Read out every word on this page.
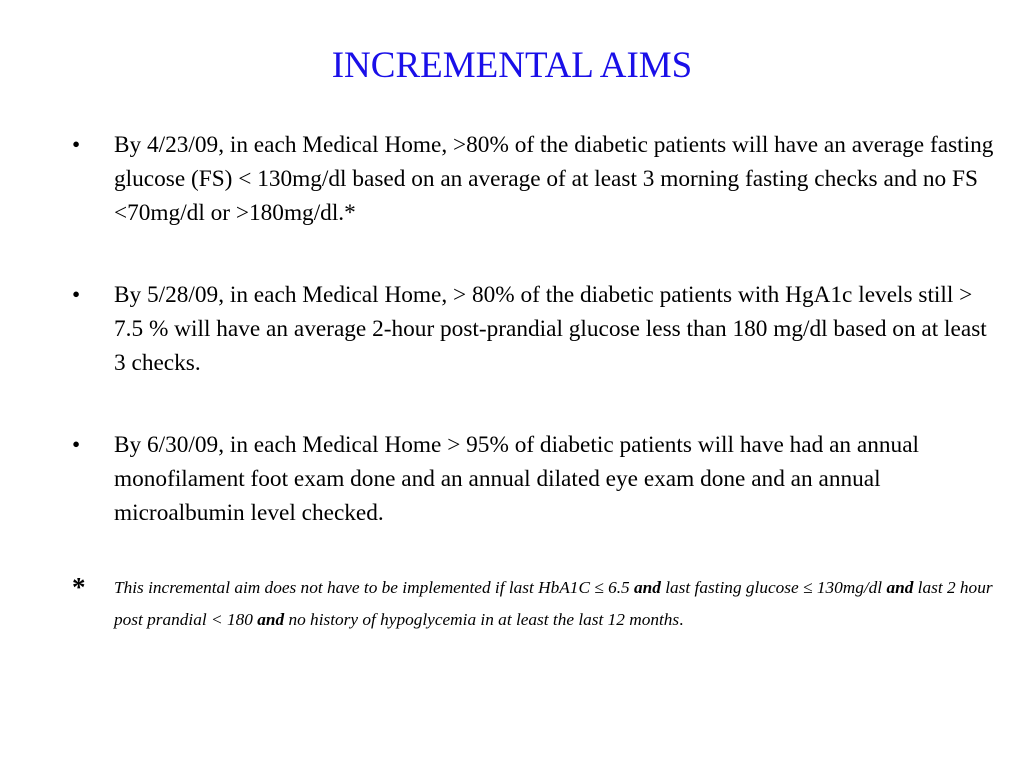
INCREMENTAL AIMS
• By 4/23/09, in each Medical Home, >80% of the diabetic patients will have an average fasting glucose (FS) < 130mg/dl based on an average of at least 3 morning fasting checks and no FS <70mg/dl or >180mg/dl.*
• By 5/28/09, in each Medical Home, > 80% of the diabetic patients with HgA1c levels still > 7.5 % will have an average 2-hour post-prandial glucose less than 180 mg/dl based on at least 3 checks.
• By 6/30/09, in each Medical Home > 95% of diabetic patients will have had an annual monofilament foot exam done and an annual dilated eye exam done and an annual microalbumin level checked.
* This incremental aim does not have to be implemented if last HbA1C ≤ 6.5 and last fasting glucose ≤ 130mg/dl and last 2 hour post prandial < 180 and no history of hypoglycemia in at least the last 12 months.
